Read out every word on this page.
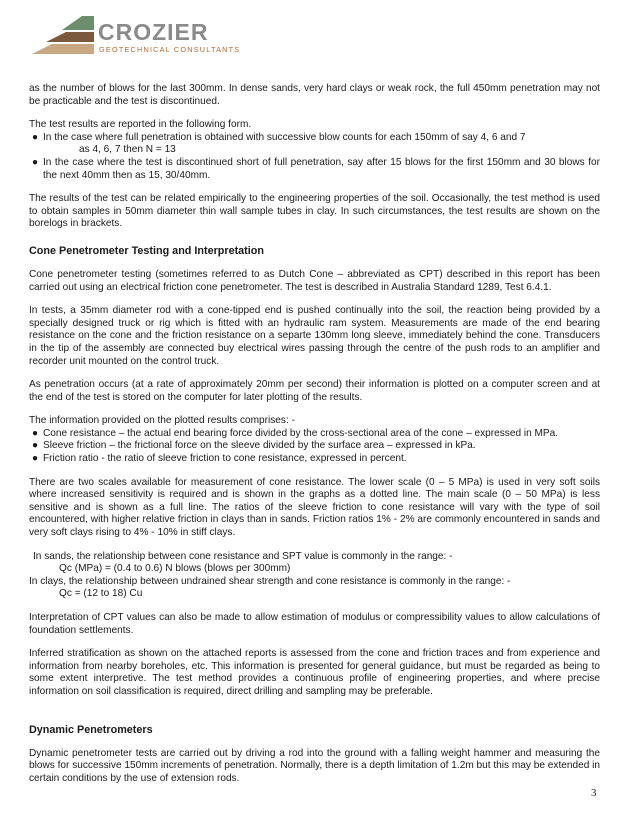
CROZIER
GEOTECHNICAL CONSULTANTS

as the number of blows for the last 300mm. In dense sands, very hard clays or weak rock, the full 450mm penetration may not be practicable and the test is discontinued.

The test results are reported in the following form.

● In the case where full penetration is obtained with successive blow counts for each 150mm of say 4, 6 and 7
as 4, 6, 7 then N = 13
● In the case where the test is discontinued short of full penetration, say after 15 blows for the first 150mm and 30 blows for the next 40mm then as 15, 30/40mm.

The results of the test can be related empirically to the engineering properties of the soil. Occasionally, the test method is used to obtain samples in 50mm diameter thin wall sample tubes in clay. In such circumstances, the test results are shown on the borelogs in brackets.

Cone Penetrometer Testing and Interpretation

Cone penetrometer testing (sometimes referred to as Dutch Cone – abbreviated as CPT) described in this report has been carried out using an electrical friction cone penetrometer. The test is described in Australia Standard 1289, Test 6.4.1.

In tests, a 35mm diameter rod with a cone-tipped end is pushed continually into the soil, the reaction being provided by a specially designed truck or rig which is fitted with an hydraulic ram system. Measurements are made of the end bearing resistance on the cone and the friction resistance on a separte 130mm long sleeve, immediately behind the cone. Transducers in the tip of the assembly are connected buy electrical wires passing through the centre of the push rods to an amplifier and recorder unit mounted on the control truck.

As penetration occurs (at a rate of approximately 20mm per second) their information is plotted on a computer screen and at the end of the test is stored on the computer for later plotting of the results.

The information provided on the plotted results comprises: -

● Cone resistance – the actual end bearing force divided by the cross-sectional area of the cone – expressed in MPa.
● Sleeve friction – the frictional force on the sleeve divided by the surface area – expressed in kPa.
● Friction ratio - the ratio of sleeve friction to cone resistance, expressed in percent.

There are two scales available for measurement of cone resistance. The lower scale (0 – 5 MPa) is used in very soft soils where increased sensitivity is required and is shown in the graphs as a dotted line. The main scale (0 – 50 MPa) is less sensitive and is shown as a full line. The ratios of the sleeve friction to cone resistance will vary with the type of soil encountered, with higher relative friction in clays than in sands. Friction ratios 1% - 2% are commonly encountered in sands and very soft clays rising to 4% - 10% in stiff clays.

In sands, the relationship between cone resistance and SPT value is commonly in the range: -

Qc (MPa) = (0.4 to 0.6) N blows (blows per 300mm)

In clays, the relationship between undrained shear strength and cone resistance is commonly in the range: -

Qc = (12 to 18) Cu

Interpretation of CPT values can also be made to allow estimation of modulus or compressibility values to allow calculations of foundation settlements.

Inferred stratification as shown on the attached reports is assessed from the cone and friction traces and from experience and information from nearby boreholes, etc. This information is presented for general guidance, but must be regarded as being to some extent interpretive. The test method provides a continuous profile of engineering properties, and where precise information on soil classification is required, direct drilling and sampling may be preferable.

Dynamic Penetrometers

Dynamic penetrometer tests are carried out by driving a rod into the ground with a falling weight hammer and measuring the blows for successive 150mm increments of penetration. Normally, there is a depth limitation of 1.2m but this may be extended in certain conditions by the use of extension rods.

3
